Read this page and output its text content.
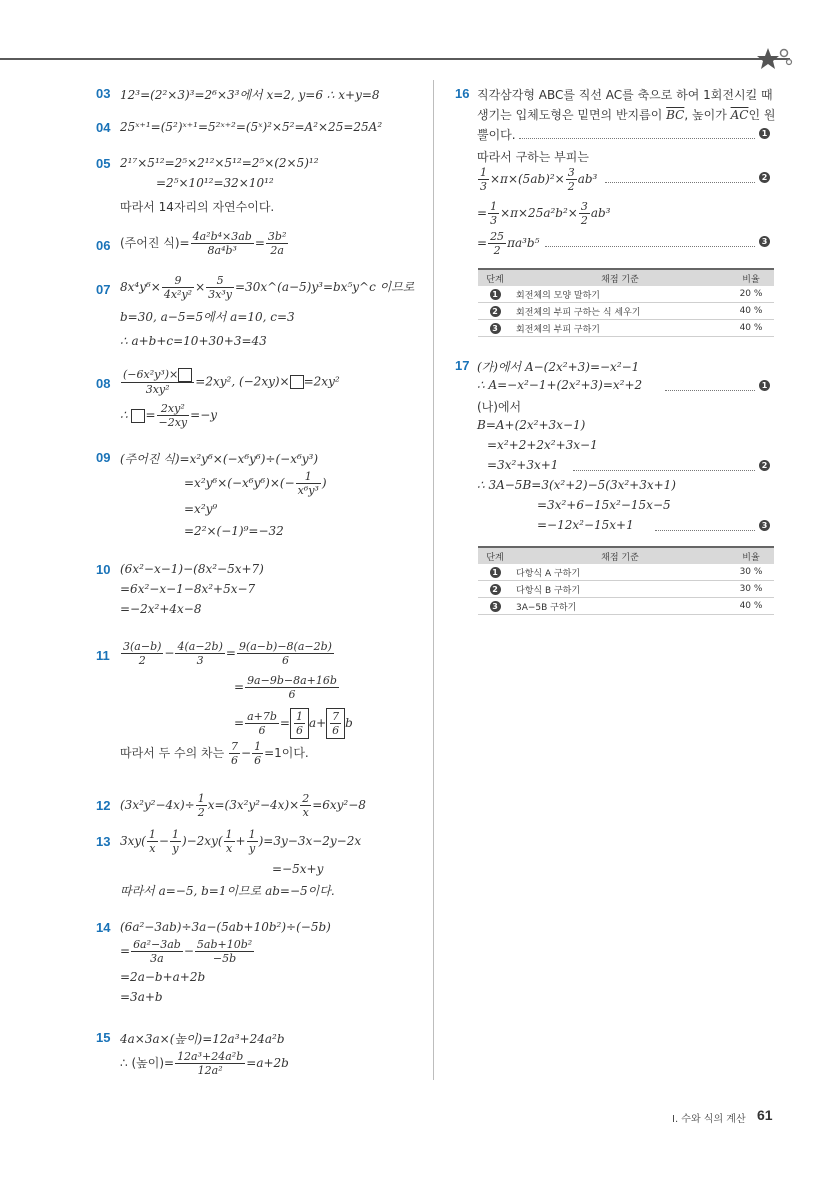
03 12³=(2²×3)³=2⁶×3³에서 x=2, y=6 ∴ x+y=8
04 25ˣ⁺¹=(5²)ˣ⁺¹=5²ˣ⁺²=(5ˣ)²×5²=A²×25=25A²
05 2¹⁷×5¹²=2⁵×2¹²×5¹²=2⁵×(2×5)¹²
=2⁵×10¹²=32×10¹²
따라서 14자리의 자연수이다.
06 (주어진 식)= $\frac{\text{4a²b⁴×3ab}}{\text{8a⁴b³}} = \frac{\text{3b²}}{2a}$
07 $8x^4y^6\times \frac{9}{\text{4x²y²}} \times \frac{5}{\text{3x³y}}$ =30x^(a−5)y³=bx⁵y^c 이므로
b=30, a−5=5에서 a=10, c=3
∴ a+b+c=10+30+3=43
$08 \frac{\text{(−6x²y³)×}}{\text{3xy²}} =2xy^2$, (−2xy)× =2xy²
∴ = $\frac{\text{2xy²}}{-2xy} =-y$
09 (주어진 식)=x²y⁶×(−x⁶y⁶)÷(−x⁶y³)
$=x^2y^6\times(-x^6y^6)\times(- \frac{1}{\text{x⁶y³}}$ )
=x²y⁹
=2²×(−1)⁹=−32
10 (6x²−x−1)−(8x²−5x+7)
=6x²−x−1−8x²+5x−7
=−2x²+4x−8
$11 \frac{3(a-b)}{2} - \frac{4(a-2b)}{3} = \frac{9(a-b)-8(a-2b)}{6}$
= $\frac{9a-9b-8a+16b}{6}$
= $\frac{a+7b}{6} = \frac{1}{6} a+ \frac{7}{6}$ b
따라서 두 수의 차는 $\frac{7}{6} - \frac{1}{6} =1$이다.
12 $(3x^2y^2-4x)\div \frac{1}{2} x=(3x^2y^2-4x)\times \frac{2}{x} =6xy^2-8$
13 $3xy( \frac{1}{x} - \frac{1}{y} )-2xy( \frac{1}{x} + \frac{1}{y} )=3y-3x-2y-2x$
=−5x+y
따라서 a=−5, b=1이므로 ab=−5이다.
14 (6a²−3ab)÷3a−(5ab+10b²)÷(−5b)
= $\frac{\text{6a²−3ab}}{3a} - \frac{\text{5ab+10b²}}{-5b}$
=2a−b+a+2b
=3a+b
15 4a×3a×(높이)=12a³+24a²b
∴ (높이)= $\frac{\text{12a³+24a²b}}{\text{12a²}} =a+2b$
16 직각삼각형 ABC를 직선 AC를 축으로 하여 1회전시킬 때
생기는 입체도형은 밑면의 반지름이 $\overline{BC}$, 높이가 $\overline{AC}$인 원
뿔이다.	1
따라서 구하는 부피는
$\frac{1}{3} \times\pi\times(5ab)^2\times \frac{3}{2} ab^3$	2
= $\frac{1}{3} \times\pi\times 25a^2b^2\times \frac{3}{2} ab^3$
= $\frac{25}{2} \pi a^3b^5$	3
단계	채점 기준	비율
1	회전체의 모양 말하기	20 %
2	회전체의 부피 구하는 식 세우기	40 %
3	회전체의 부피 구하기	40 %
17 (가)에서 A−(2x²+3)=−x²−1
∴ A=−x²−1+(2x²+3)=x²+2	1
(나)에서
B=A+(2x²+3x−1)
=x²+2+2x²+3x−1
=3x²+3x+1	2
∴ 3A−5B=3(x²+2)−5(3x²+3x+1)
=3x²+6−15x²−15x−5
=−12x²−15x+1	3
단계	채점 기준	비율
1	다항식 A 구하기	30 %
2	다항식 B 구하기	30 %
3	3A−5B 구하기	40 %
Ⅰ. 수와 식의 계산 61
